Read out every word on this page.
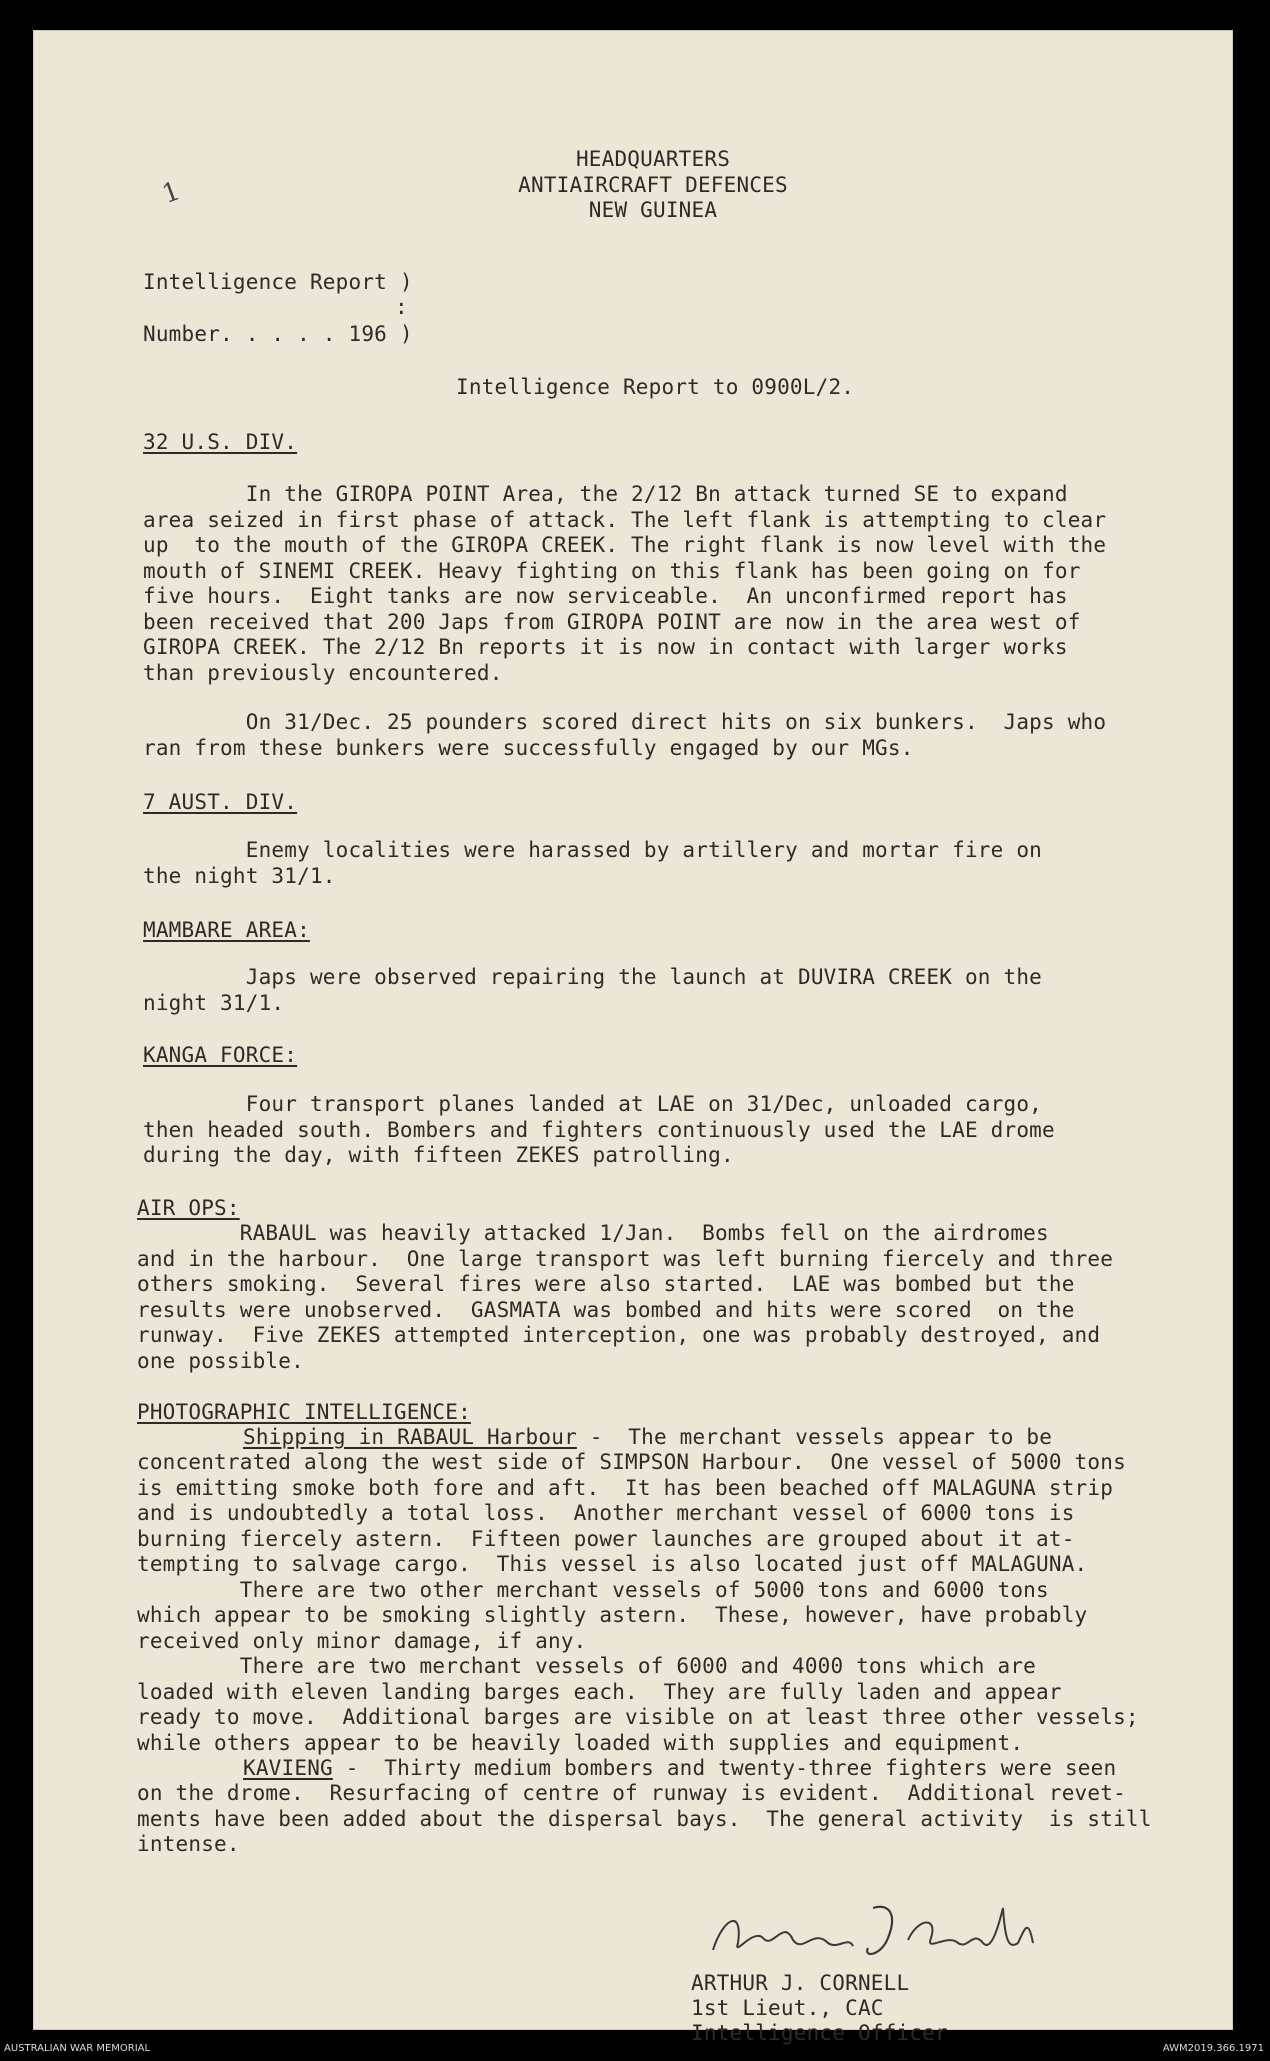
1
HEADQUARTERS
ANTIAIRCRAFT DEFENCES
NEW GUINEA
Intelligence Report )
:
Number. . . . . 196 )
Intelligence Report to 0900L/2.
32 U.S. DIV.
In the GIROPA POINT Area, the 2/12 Bn attack turned SE to expand
area seized in first phase of attack. The left flank is attempting to clear
up  to the mouth of the GIROPA CREEK. The right flank is now level with the
mouth of SINEMI CREEK. Heavy fighting on this flank has been going on for
five hours.  Eight tanks are now serviceable.  An unconfirmed report has
been received that 200 Japs from GIROPA POINT are now in the area west of
GIROPA CREEK. The 2/12 Bn reports it is now in contact with larger works
than previously encountered.
On 31/Dec. 25 pounders scored direct hits on six bunkers.  Japs who
ran from these bunkers were successfully engaged by our MGs.
7 AUST. DIV.
Enemy localities were harassed by artillery and mortar fire on
the night 31/1.
MAMBARE AREA:
Japs were observed repairing the launch at DUVIRA CREEK on the
night 31/1.
KANGA FORCE:
Four transport planes landed at LAE on 31/Dec, unloaded cargo,
then headed south. Bombers and fighters continuously used the LAE drome
during the day, with fifteen ZEKES patrolling.
AIR OPS:
RABAUL was heavily attacked 1/Jan.  Bombs fell on the airdromes
and in the harbour.  One large transport was left burning fiercely and three
others smoking.  Several fires were also started.  LAE was bombed but the
results were unobserved.  GASMATA was bombed and hits were scored  on the
runway.  Five ZEKES attempted interception, one was probably destroyed, and
one possible.
PHOTOGRAPHIC INTELLIGENCE:
Shipping in RABAUL Harbour -  The merchant vessels appear to be
concentrated along the west side of SIMPSON Harbour.  One vessel of 5000 tons
is emitting smoke both fore and aft.  It has been beached off MALAGUNA strip
and is undoubtedly a total loss.  Another merchant vessel of 6000 tons is
burning fiercely astern.  Fifteen power launches are grouped about it at-
tempting to salvage cargo.  This vessel is also located just off MALAGUNA.
There are two other merchant vessels of 5000 tons and 6000 tons
which appear to be smoking slightly astern.  These, however, have probably
received only minor damage, if any.
There are two merchant vessels of 6000 and 4000 tons which are
loaded with eleven landing barges each.  They are fully laden and appear
ready to move.  Additional barges are visible on at least three other vessels;
while others appear to be heavily loaded with supplies and equipment.
KAVIENG -  Thirty medium bombers and twenty-three fighters were seen
on the drome.  Resurfacing of centre of runway is evident.  Additional revet-
ments have been added about the dispersal bays.  The general activity  is still
intense.
ARTHUR J. CORNELL
1st Lieut., CAC
Intelligence Officer
AUSTRALIAN WAR MEMORIAL	AWM2019.366.1971
